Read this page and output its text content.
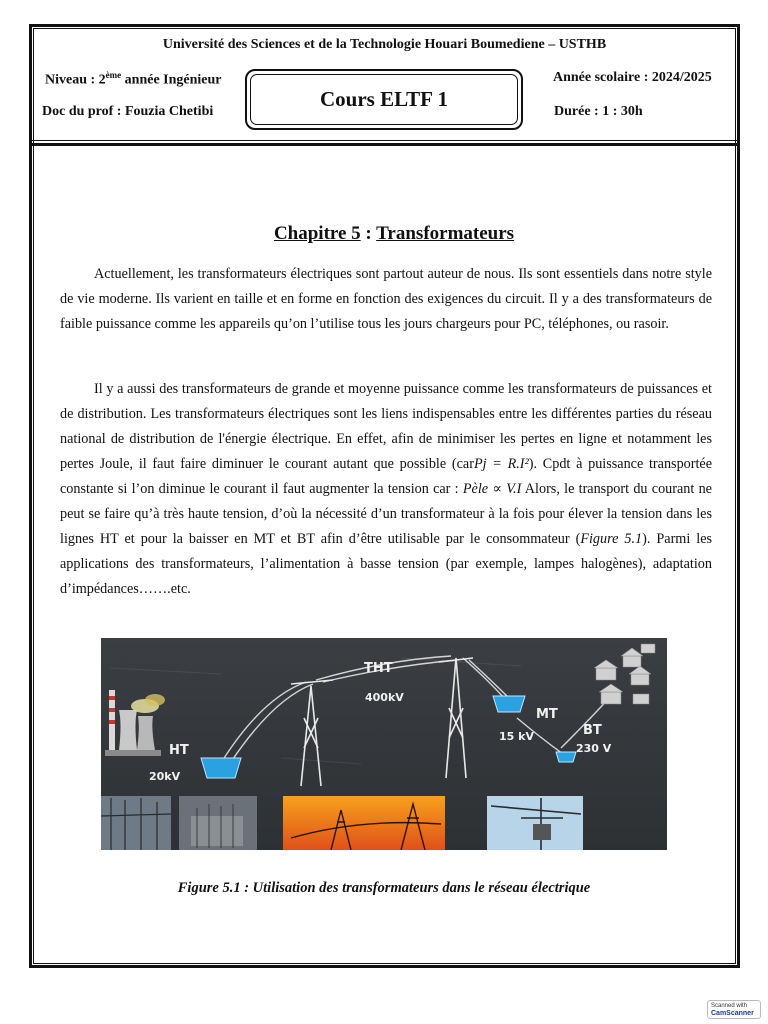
Université des Sciences et de la Technologie Houari Boumediene – USTHB
Niveau : 2ème année Ingénieur
Doc du prof : Fouzia Chetibi
Cours ELTF 1
Année scolaire : 2024/2025
Durée : 1 : 30h
Chapitre 5 : Transformateurs

Actuellement, les transformateurs électriques sont partout auteur de nous. Ils sont essentiels dans notre style de vie moderne. Ils varient en taille et en forme en fonction des exigences du circuit. Il y a des transformateurs de faible puissance comme les appareils qu’on l’utilise tous les jours chargeurs pour PC, téléphones, ou rasoir.

Il y a aussi des transformateurs de grande et moyenne puissance comme les transformateurs de puissances et de distribution. Les transformateurs électriques sont les liens indispensables entre les différentes parties du réseau national de distribution de l'énergie électrique. En effet, afin de minimiser les pertes en ligne et notamment les pertes Joule, il faut faire diminuer le courant autant que possible (carPj = R.I²). Cpdt à puissance transportée constante si l’on diminue le courant il faut augmenter la tension car : Pèle ∝ V.I Alors, le transport du courant ne peut se faire qu’à très haute tension, d’où la nécessité d’un transformateur à la fois pour élever la tension dans les lignes HT et pour la baisser en MT et BT afin d’être utilisable par le consommateur (Figure 5.1). Parmi les applications des transformateurs, l’alimentation à basse tension (par exemple, lampes halogènes), adaptation d’impédances…….etc.

THT
400kV
HT
20kV
MT
15 kV	BT
230 V
Figure 5.1 : Utilisation des transformateurs dans le réseau électrique
Scanned with
CamScanner
